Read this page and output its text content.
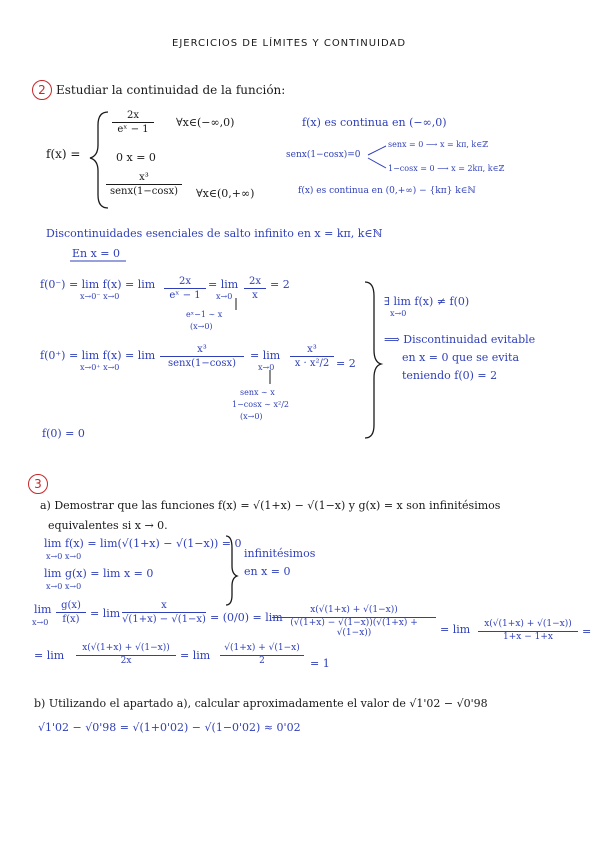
EJERCICIOS DE LÍMITES Y CONTINUIDAD
2 Estudiar la continuidad de la función:
f(x) =
2x
eˣ − 1
∀x∈(−∞,0)
0 x = 0
x³
senx(1−cosx)	∀x∈(0,+∞)
f(x) es continua en (−∞,0)
senx(1−cosx)=0
senx = 0 ⟶ x = kπ, k∈ℤ
1−cosx = 0 ⟶ x = 2kπ, k∈ℤ
f(x) es continua en (0,+∞) − {kπ} k∈ℕ
Discontinuidades esenciales de salto infinito en x = kπ, k∈ℕ
En x = 0
f(0⁻) = lim f(x) = lim
x→0⁻ x→0
2x
eˣ − 1
= lim
x→0
2x
x
= 2
eˣ−1 ∼ x
(x→0)
f(0⁺) = lim f(x) = lim
x→0⁺ x→0
x³
senx(1−cosx)
= lim
x→0
x³
x · x²/2 = 2
senx ∼ x
1−cosx ∼ x²/2
(x→0)
f(0) = 0
∃ lim f(x) ≠ f(0)
x→0
⟹ Discontinuidad evitable
en x = 0 que se evita
teniendo f(0) = 2
3
a) Demostrar que las funciones f(x) = √(1+x) − √(1−x) y g(x) = x son infinitésimos
equivalentes si x → 0.
lim f(x) = lim(√(1+x) − √(1−x)) = 0
x→0 x→0
lim g(x) = lim x = 0
x→0 x→0
infinitésimos
en x = 0
lim
x→0
g(x)
f(x) = lim
x
√(1+x) − √(1−x) = (0/0) = lim
x(√(1+x) + √(1−x))
(√(1+x) − √(1−x))(√(1+x) + √(1−x))	= lim	x(√(1+x) + √(1−x))
1+x − 1+x	=
= lim
x(√(1+x) + √(1−x))
2x	= lim
√(1+x) + √(1−x)
2	= 1
b) Utilizando el apartado a), calcular aproximadamente el valor de √1'02 − √0'98
√1'02 − √0'98 = √(1+0'02) − √(1−0'02) ≈ 0'02
